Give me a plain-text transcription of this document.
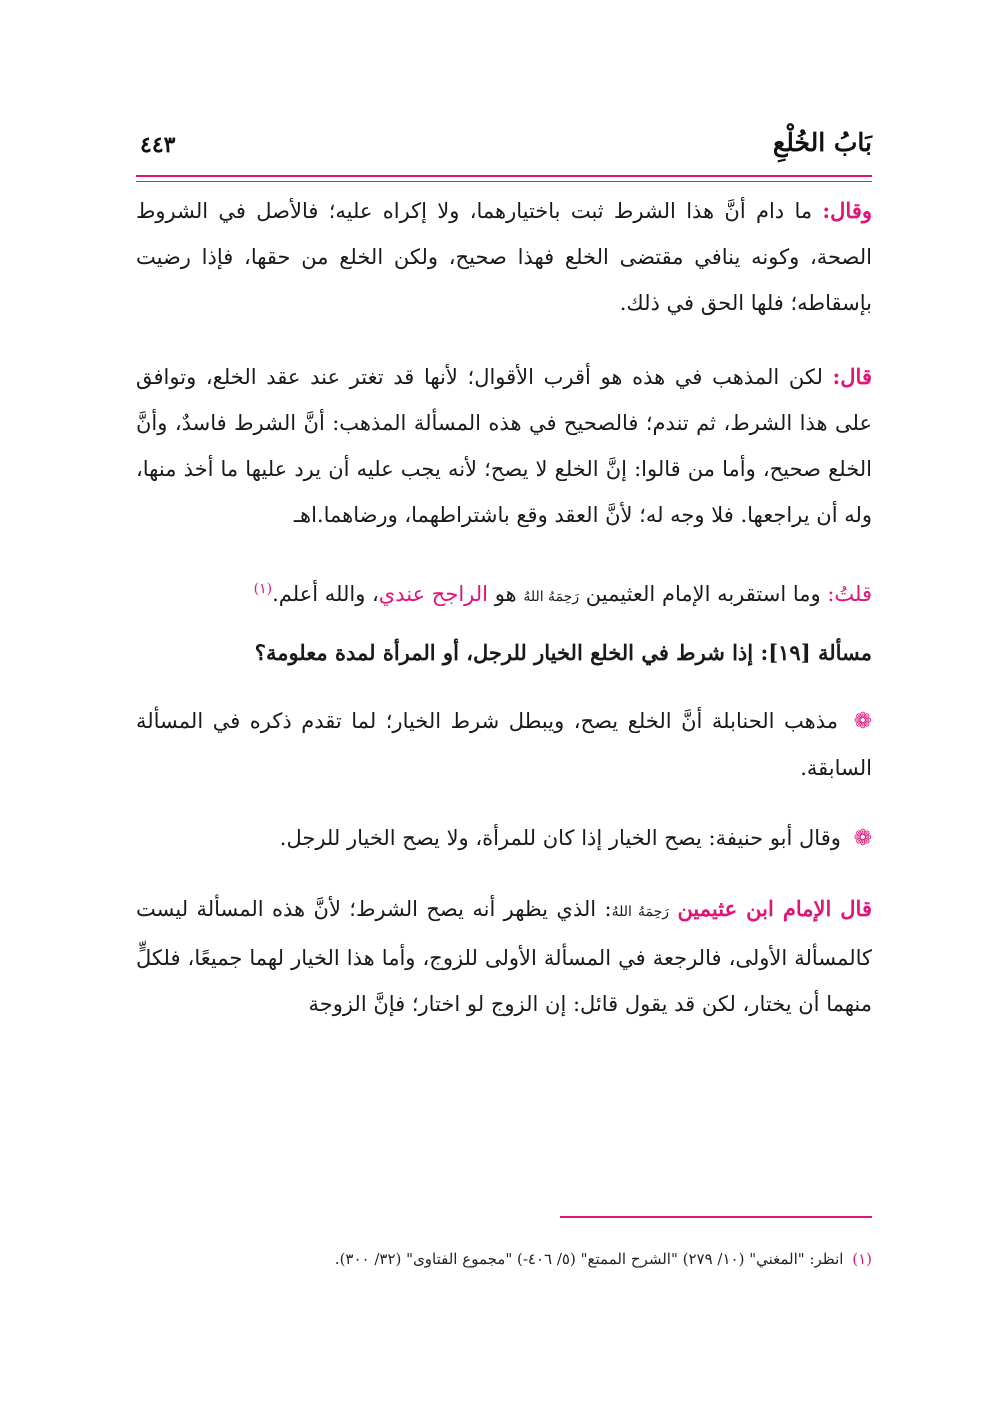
بَابُ الخُلْعِ
٤٤٣

وقال: ما دام أنَّ هذا الشرط ثبت باختيارهما، ولا إكراه عليه؛ فالأصل في الشروط الصحة، وكونه ينافي مقتضى الخلع فهذا صحيح، ولكن الخلع من حقها، فإذا رضيت بإسقاطه؛ فلها الحق في ذلك.

قال: لكن المذهب في هذه هو أقرب الأقوال؛ لأنها قد تغتر عند عقد الخلع، وتوافق على هذا الشرط، ثم تندم؛ فالصحيح في هذه المسألة المذهب: أنَّ الشرط فاسدٌ، وأنَّ الخلع صحيح، وأما من قالوا: إنَّ الخلع لا يصح؛ لأنه يجب عليه أن يرد عليها ما أخذ منها، وله أن يراجعها. فلا وجه له؛ لأنَّ العقد وقع باشتراطهما، ورضاهما.اهـ

قلتُ: وما استقربه الإمام العثيمين رَحِمَهُ اللهُ هو الراجح عندي، والله أعلم.$^{(١)}$

مسألة [١٩]: إذا شرط في الخلع الخيار للرجل، أو المرأة لمدة معلومة؟

❁ مذهب الحنابلة أنَّ الخلع يصح، ويبطل شرط الخيار؛ لما تقدم ذكره في المسألة السابقة.

❁ وقال أبو حنيفة: يصح الخيار إذا كان للمرأة، ولا يصح الخيار للرجل.

قال الإمام ابن عثيمين رَحِمَهُ اللهُ: الذي يظهر أنه يصح الشرط؛ لأنَّ هذه المسألة ليست كالمسألة الأولى، فالرجعة في المسألة الأولى للزوج، وأما هذا الخيار لهما جميعًا، فلكلٍّ منهما أن يختار، لكن قد يقول قائل: إن الزوج لو اختار؛ فإنَّ الزوجة

(١) انظر: "المغني" (١٠/ ٢٧٩) "الشرح الممتع" (٥/ ٤٠٦-) "مجموع الفتاوى" (٣٢/ ٣٠٠).
